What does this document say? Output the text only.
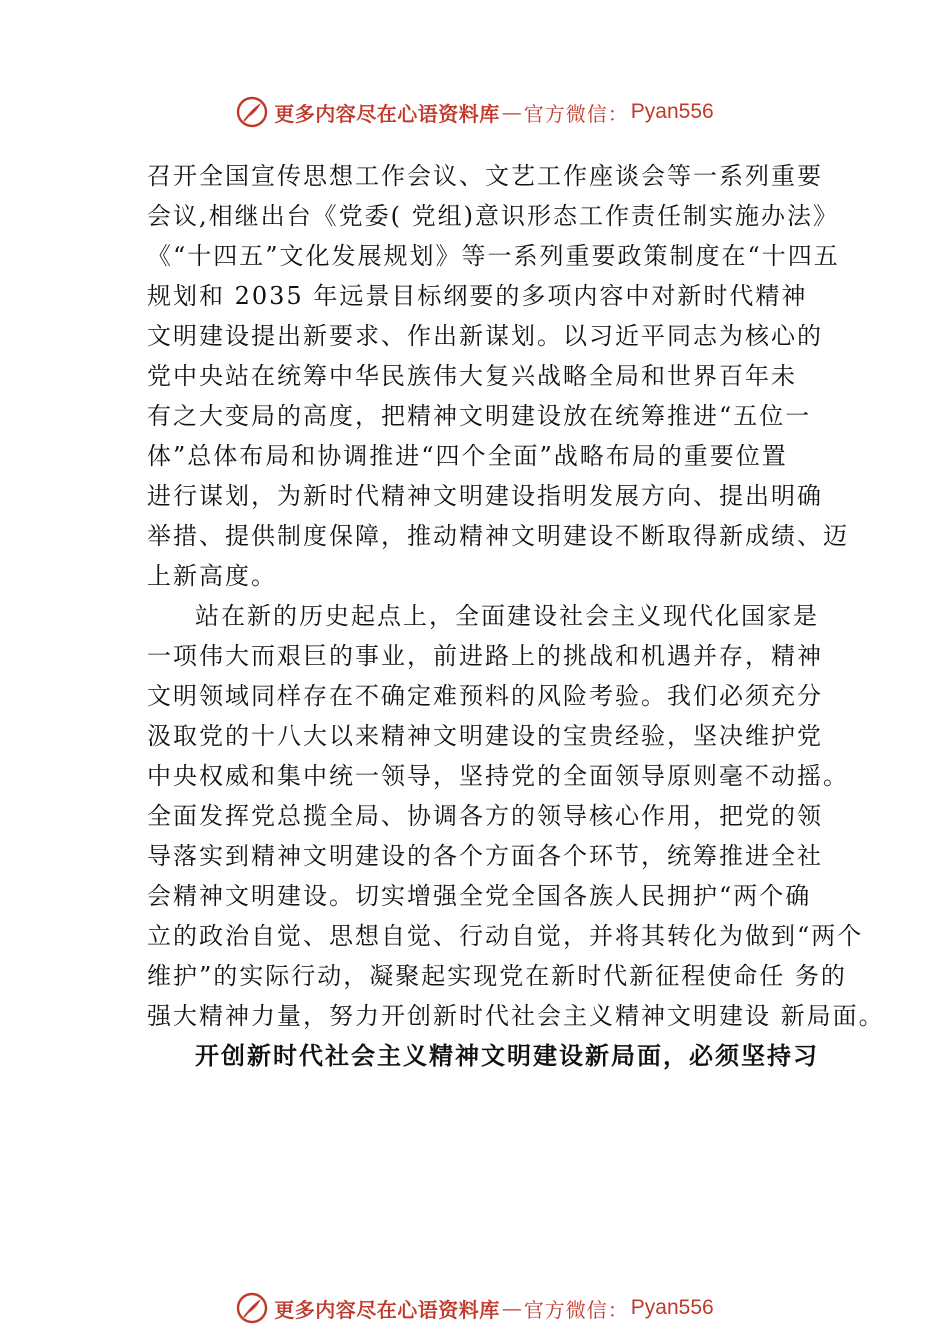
更多内容尽在心语资料库 — 官方微信： Pyan556
召开全国宣传思想工作会议、文艺工作座谈会等一系列重要
会议,相继出台《党委( 党组)意识形态工作责任制实施办法》
《“十四五”文化发展规划》等一系列重要政策制度在“十四五
规划和 2035 年远景目标纲要的多项内容中对新时代精神
文明建设提出新要求、作出新谋划。以习近平同志为核心的
党中央站在统筹中华民族伟大复兴战略全局和世界百年未
有之大变局的高度，把精神文明建设放在统筹推进“五位一
体”总体布局和协调推进“四个全面”战略布局的重要位置
进行谋划，为新时代精神文明建设指明发展方向、提出明确
举措、提供制度保障，推动精神文明建设不断取得新成绩、迈
上新高度。
站在新的历史起点上，全面建设社会主义现代化国家是
一项伟大而艰巨的事业，前进路上的挑战和机遇并存，精神
文明领域同样存在不确定难预料的风险考验。我们必须充分
汲取党的十八大以来精神文明建设的宝贵经验，坚决维护党
中央权威和集中统一领导，坚持党的全面领导原则毫不动摇。
全面发挥党总揽全局、协调各方的领导核心作用，把党的领
导落实到精神文明建设的各个方面各个环节，统筹推进全社
会精神文明建设。切实增强全党全国各族人民拥护“两个确
立的政治自觉、思想自觉、行动自觉，并将其转化为做到“两个
维护”的实际行动，凝聚起实现党在新时代新征程使命任 务的
强大精神力量，努力开创新时代社会主义精神文明建设 新局面。
开创新时代社会主义精神文明建设新局面，必须坚持习
更多内容尽在心语资料库 — 官方微信： Pyan556
